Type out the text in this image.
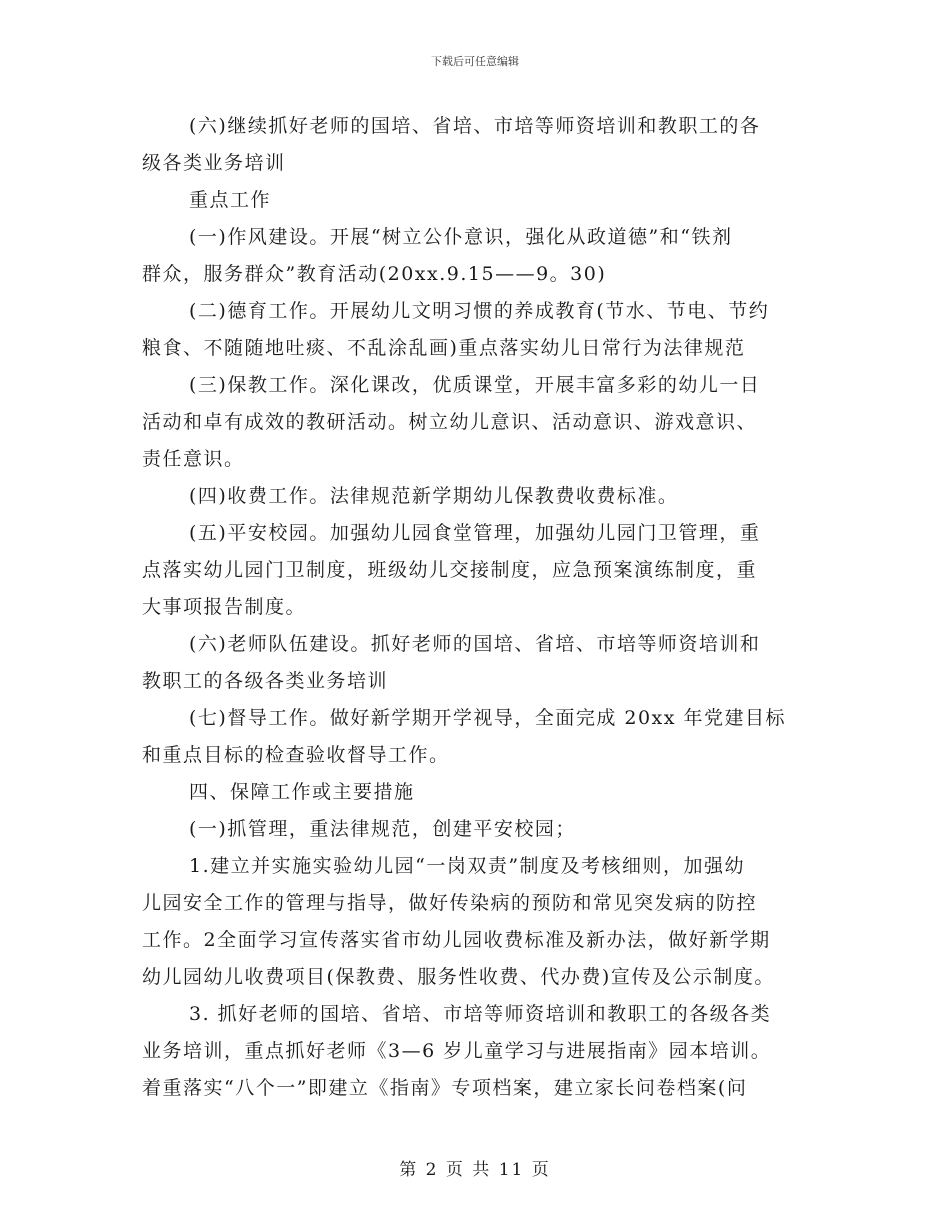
下载后可任意编辑
(六)继续抓好老师的国培、省培、市培等师资培训和教职工的各
级各类业务培训
重点工作
(一)作风建设。开展“树立公仆意识，强化从政道德”和“铁剂
群众，服务群众”教育活动(20xx.9.15——9。30)
(二)德育工作。开展幼儿文明习惯的养成教育(节水、节电、节约
粮食、不随随地吐痰、不乱涂乱画)重点落实幼儿日常行为法律规范
(三)保教工作。深化课改，优质课堂，开展丰富多彩的幼儿一日
活动和卓有成效的教研活动。树立幼儿意识、活动意识、游戏意识、
责任意识。
(四)收费工作。法律规范新学期幼儿保教费收费标准。
(五)平安校园。加强幼儿园食堂管理，加强幼儿园门卫管理，重
点落实幼儿园门卫制度，班级幼儿交接制度，应急预案演练制度，重
大事项报告制度。
(六)老师队伍建设。抓好老师的国培、省培、市培等师资培训和
教职工的各级各类业务培训
(七)督导工作。做好新学期开学视导，全面完成 20xx 年党建目标
和重点目标的检查验收督导工作。
四、保障工作或主要措施
(一)抓管理，重法律规范，创建平安校园；
1.建立并实施实验幼儿园“一岗双责”制度及考核细则，加强幼
儿园安全工作的管理与指导，做好传染病的预防和常见突发病的防控
工作。2全面学习宣传落实省市幼儿园收费标准及新办法，做好新学期
幼儿园幼儿收费项目(保教费、服务性收费、代办费)宣传及公示制度。
3. 抓好老师的国培、省培、市培等师资培训和教职工的各级各类
业务培训，重点抓好老师《3—6 岁儿童学习与进展指南》园本培训。
着重落实“八个一”即建立《指南》专项档案，建立家长问卷档案(问
第 2 页 共 11 页
